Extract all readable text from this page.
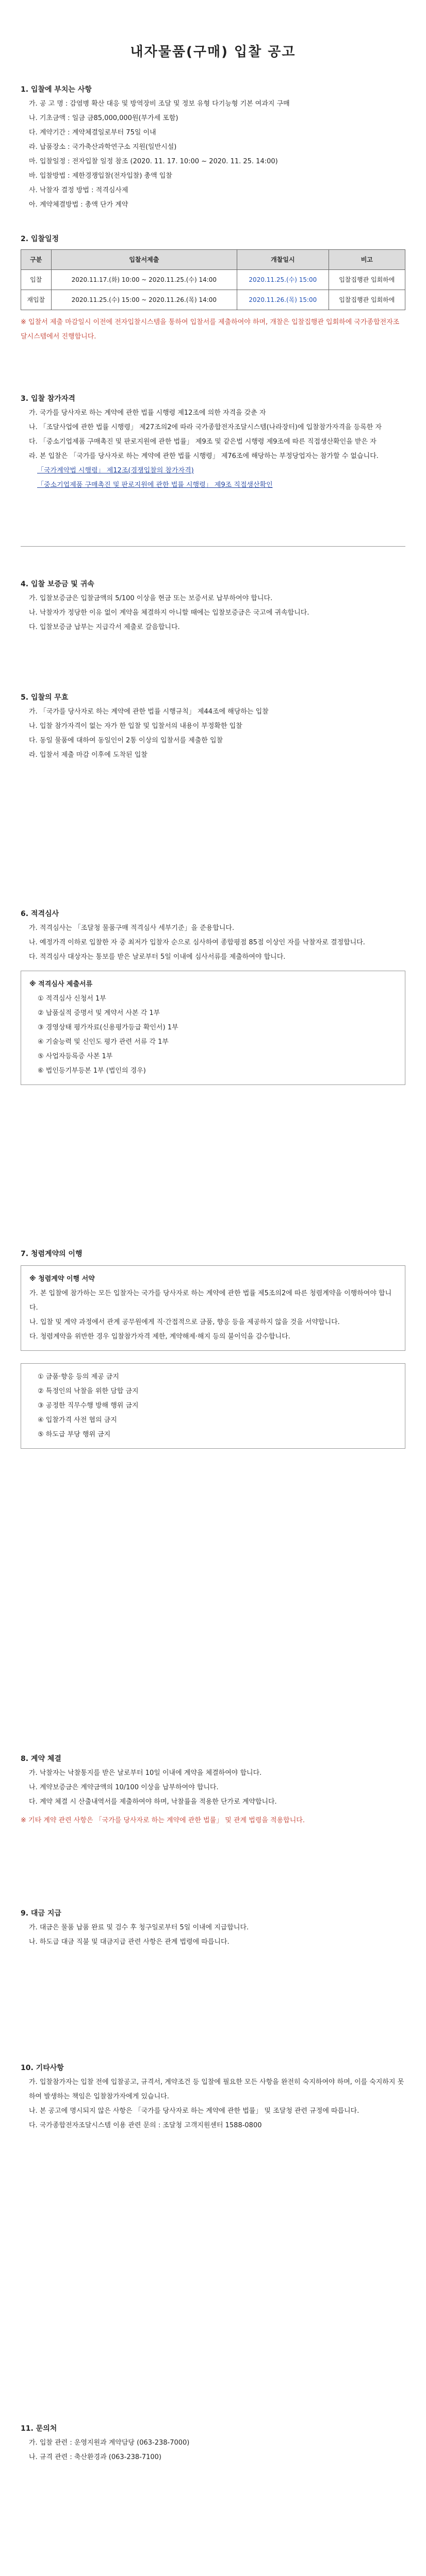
내자물품(구매) 입찰 공고

1. 입찰에 부치는 사항

가. 공 고 명 : 감염병 확산 대응 및 방역장비 조달 및 정보 유형 다기능형 기본 여과지 구매

나. 기초금액 : 일금 금85,000,000원(부가세 포함)

다. 계약기간 : 계약체결일로부터 75일 이내

라. 납품장소 : 국가축산과학연구소 지원(일반시설)

마. 입찰일정 : 전자입찰 일정 참조 (2020. 11. 17. 10:00 ~ 2020. 11. 25. 14:00)

바. 입찰방법 : 제한경쟁입찰(전자입찰) 총액 입찰

사. 낙찰자 결정 방법 : 적격심사제

아. 계약체결방법 : 총액 단가 계약

2. 입찰일정

구분	입찰서제출	개찰일시	비고
입찰	2020.11.17.(화) 10:00 ~ 2020.11.25.(수) 14:00	2020.11.25.(수) 15:00	입찰집행관 입회하에
재입찰	2020.11.25.(수) 15:00 ~ 2020.11.26.(목) 14:00	2020.11.26.(목) 15:00	입찰집행관 입회하에

※ 입찰서 제출 마감일시 이전에 전자입찰시스템을 통하여 입찰서를 제출하여야 하며, 개찰은 입찰집행관 입회하에 국가종합전자조달시스템에서 진행합니다.

3. 입찰 참가자격

가. 국가를 당사자로 하는 계약에 관한 법률 시행령 제12조에 의한 자격을 갖춘 자

나. 「조달사업에 관한 법률 시행령」 제27조의2에 따라 국가종합전자조달시스템(나라장터)에 입찰참가자격을 등록한 자

다. 「중소기업제품 구매촉진 및 판로지원에 관한 법률」 제9조 및 같은법 시행령 제9조에 따른 직접생산확인을 받은 자

라. 본 입찰은 「국가를 당사자로 하는 계약에 관한 법률 시행령」 제76조에 해당하는 부정당업자는 참가할 수 없습니다.

「국가계약법 시행령」 제12조(경쟁입찰의 참가자격)

「중소기업제품 구매촉진 및 판로지원에 관한 법률 시행령」 제9조 직접생산확인

4. 입찰 보증금 및 귀속

가. 입찰보증금은 입찰금액의 5/100 이상을 현금 또는 보증서로 납부하여야 합니다.

나. 낙찰자가 정당한 이유 없이 계약을 체결하지 아니할 때에는 입찰보증금은 국고에 귀속합니다.

다. 입찰보증금 납부는 지급각서 제출로 갈음합니다.

5. 입찰의 무효

가. 「국가를 당사자로 하는 계약에 관한 법률 시행규칙」 제44조에 해당하는 입찰

나. 입찰 참가자격이 없는 자가 한 입찰 및 입찰서의 내용이 부정확한 입찰

다. 동일 물품에 대하여 동일인이 2통 이상의 입찰서를 제출한 입찰

라. 입찰서 제출 마감 이후에 도착된 입찰

6. 적격심사

가. 적격심사는 「조달청 물품구매 적격심사 세부기준」을 준용합니다.

나. 예정가격 이하로 입찰한 자 중 최저가 입찰자 순으로 심사하여 종합평점 85점 이상인 자를 낙찰자로 결정합니다.

다. 적격심사 대상자는 통보를 받은 날로부터 5일 이내에 심사서류를 제출하여야 합니다.

※ 적격심사 제출서류

① 적격심사 신청서 1부

② 납품실적 증명서 및 계약서 사본 각 1부

③ 경영상태 평가자료(신용평가등급 확인서) 1부

④ 기술능력 및 신인도 평가 관련 서류 각 1부

⑤ 사업자등록증 사본 1부

⑥ 법인등기부등본 1부 (법인의 경우)

7. 청렴계약의 이행

※ 청렴계약 이행 서약

가. 본 입찰에 참가하는 모든 입찰자는 국가를 당사자로 하는 계약에 관한 법률 제5조의2에 따른 청렴계약을 이행하여야 합니다.

나. 입찰 및 계약 과정에서 관계 공무원에게 직·간접적으로 금품, 향응 등을 제공하지 않을 것을 서약합니다.

다. 청렴계약을 위반한 경우 입찰참가자격 제한, 계약해제·해지 등의 불이익을 감수합니다.

① 금품·향응 등의 제공 금지

② 특정인의 낙찰을 위한 담합 금지

③ 공정한 직무수행 방해 행위 금지

④ 입찰가격 사전 협의 금지

⑤ 하도급 부당 행위 금지

8. 계약 체결

가. 낙찰자는 낙찰통지를 받은 날로부터 10일 이내에 계약을 체결하여야 합니다.

나. 계약보증금은 계약금액의 10/100 이상을 납부하여야 합니다.

다. 계약 체결 시 산출내역서를 제출하여야 하며, 낙찰률을 적용한 단가로 계약합니다.

※ 기타 계약 관련 사항은 「국가를 당사자로 하는 계약에 관한 법률」 및 관계 법령을 적용합니다.

9. 대금 지급

가. 대금은 물품 납품 완료 및 검수 후 청구일로부터 5일 이내에 지급합니다.

나. 하도급 대금 직불 및 대금지급 관련 사항은 관계 법령에 따릅니다.

10. 기타사항

가. 입찰참가자는 입찰 전에 입찰공고, 규격서, 계약조건 등 입찰에 필요한 모든 사항을 완전히 숙지하여야 하며, 이를 숙지하지 못하여 발생하는 책임은 입찰참가자에게 있습니다.

나. 본 공고에 명시되지 않은 사항은 「국가를 당사자로 하는 계약에 관한 법률」 및 조달청 관련 규정에 따릅니다.

다. 국가종합전자조달시스템 이용 관련 문의 : 조달청 고객지원센터 1588-0800

11. 문의처

가. 입찰 관련 : 운영지원과 계약담당 (063-238-7000)

나. 규격 관련 : 축산환경과 (063-238-7100)
